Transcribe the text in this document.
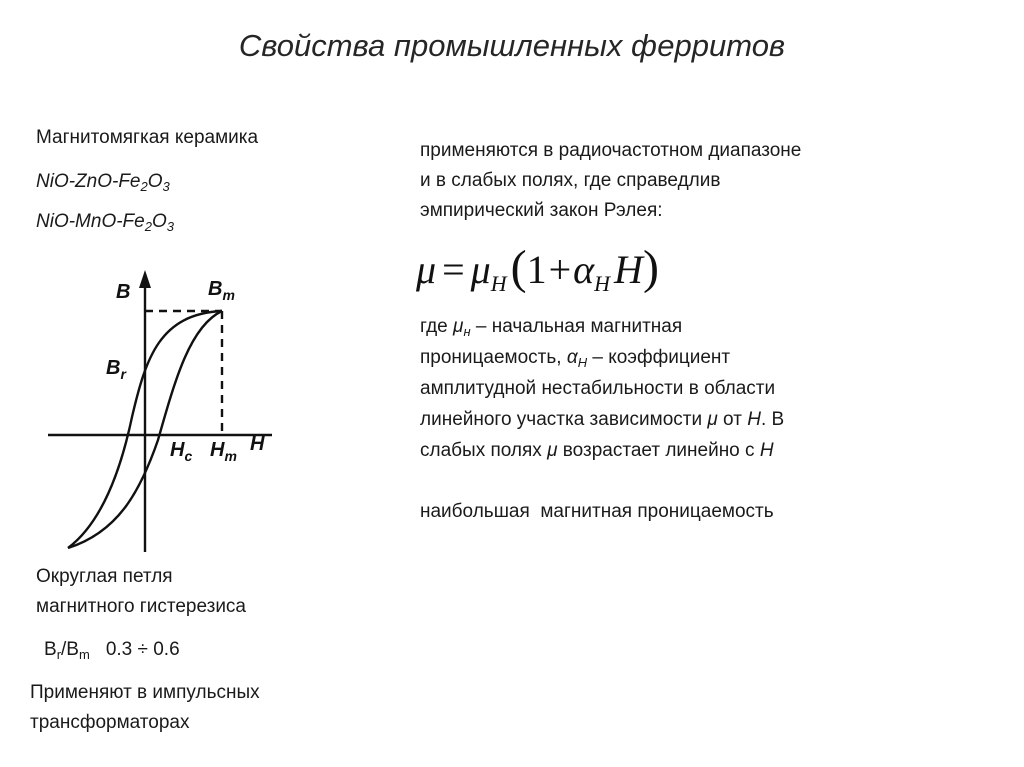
Свойства промышленных ферритов
Магнитомягкая керамика
NiO-$ZnO-Fe_2O_3$
NiO-$MnO-Fe_2O_3$
B	$B_m$
$B_r$
$H_c$ $H_m$
H
Округлая петля
магнитного гистерезиса
$B_r/B_m$ 0.3 ÷ 0.6
Применяют в импульсных
трансформаторах
применяются в радиочастотном диапазоне
и в слабых полях, где справедлив
эмпирический закон Рэлея:
$\mu = \mu_H(1+\alpha_H$ H)
где $\mu_н$ – начальная магнитная
проницаемость, $\alpha_Н$ – коэффициент
амплитудной нестабильности в области
линейного участка зависимости μ от H. В
слабых полях μ возрастает линейно с H
наибольшая  магнитная проницаемость
